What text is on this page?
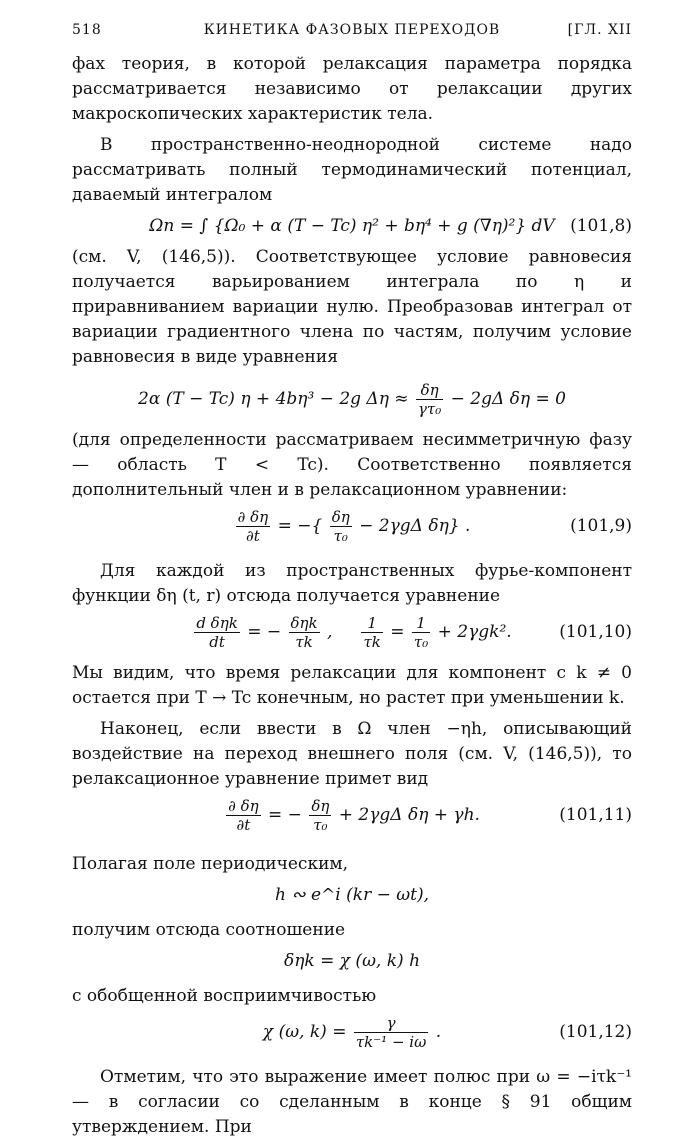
518	КИНЕТИКА ФАЗОВЫХ ПЕРЕХОДОВ	[ГЛ. XII

фах теория, в которой релаксация параметра порядка рассматривается независимо от релаксации других макроскопических характеристик тела.

В пространственно-неоднородной системе надо рассматривать полный термодинамический потенциал, даваемый интегралом

Ωп = ∫ {Ω₀ + α (T − Tc) η² + bη⁴ + g (∇η)²} dV (101,8)

(см. V, (146,5)). Соответствующее условие равновесия получается варьированием интеграла по η и приравниванием вариации нулю. Преобразовав интеграл от вариации градиентного члена по частям, получим условие равновесия в виде уравнения

2α (T − Tc) η + 4bη³ − 2g $\Delta\eta \approx \frac{\delta\eta}{\text{γτ₀}} - 2g\Delta$ δη = 0

(для определенности рассматриваем несимметричную фазу — область T < Tc). Соответственно появляется дополнительный член и в релаксационном уравнении:

$\frac{\partial \delta\eta}{\partial t}$ = −{ $\frac{\delta\eta}{\text{τ₀}} - 2\gamma g\Delta$ δη} .	(101,9)

Для каждой из пространственных фурье-компонент функции δη (t, r) отсюда получается уравнение

$\frac{\text{d δηk}}{dt}$ = − $\frac{\text{δηk}}{\tau k}$ , $\frac{1}{\tau k} = \frac{1}{\text{τ₀}} + 2\gamma gk^2$.	(101,10)

Мы видим, что время релаксации для компонент с k ≠ 0 остается при T → Tc конечным, но растет при уменьшении k.

Наконец, если ввести в Ω член −ηh, описывающий воздействие на переход внешнего поля (см. V, (146,5)), то релаксационное уравнение примет вид

$\frac{\partial \delta\eta}{\partial t}$ = − $\frac{\delta\eta}{\text{τ₀}} + 2\gamma g\Delta$ δη + γh.	(101,11)

Полагая поле периодическим,

h ∾ e^i (kr − ωt),

получим отсюда соотношение

δηk = χ (ω, k) h

с обобщенной восприимчивостью

χ (ω, $k) = \frac{\gamma}{\text{τk⁻¹ − iω}}$ .	(101,12)

Отметим, что это выражение имеет полюс при ω = −iτk⁻¹ — в согласии со сделанным в конце § 91 общим утверждением. При
